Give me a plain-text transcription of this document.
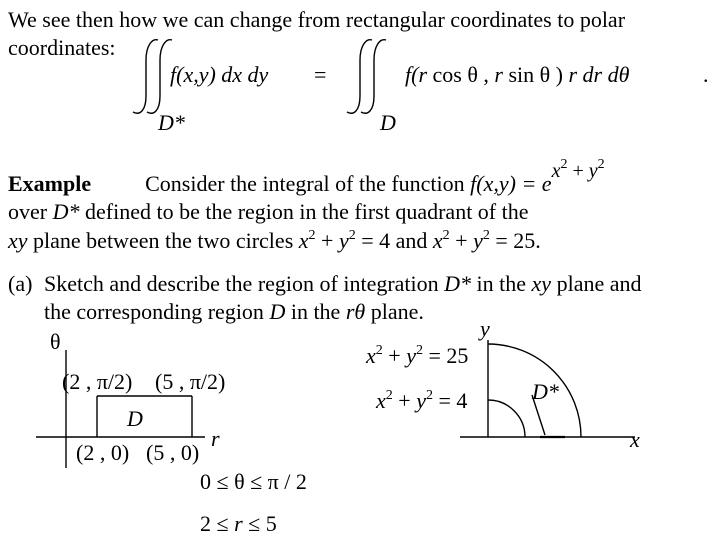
We see then how we can change from rectangular coordinates to polar
coordinates:
f(x,y) dx dy =	f(r cos θ , r sin θ ) r dr dθ	.
D*	D
Example Consider the integral of the function $f(x,y) = ex^2 + y^2$
over D* defined to be the region in the first quadrant of the
xy plane between the two circles $x^2 + y^2 = 4$ and $x^2 + y^2 = 25$.
(a) Sketch and describe the region of integration D* in the xy plane and
the corresponding region D in the rθ plane.
θ
(2 , π/2) (5 , π/2)
D
(2 , 0) (5 , 0)
r
0 ≤ θ ≤ π / 2
2 ≤ r ≤ 5
y
$x^2 + y^2 = 25$
$x^2 + y^2 = 4$	D*
x
